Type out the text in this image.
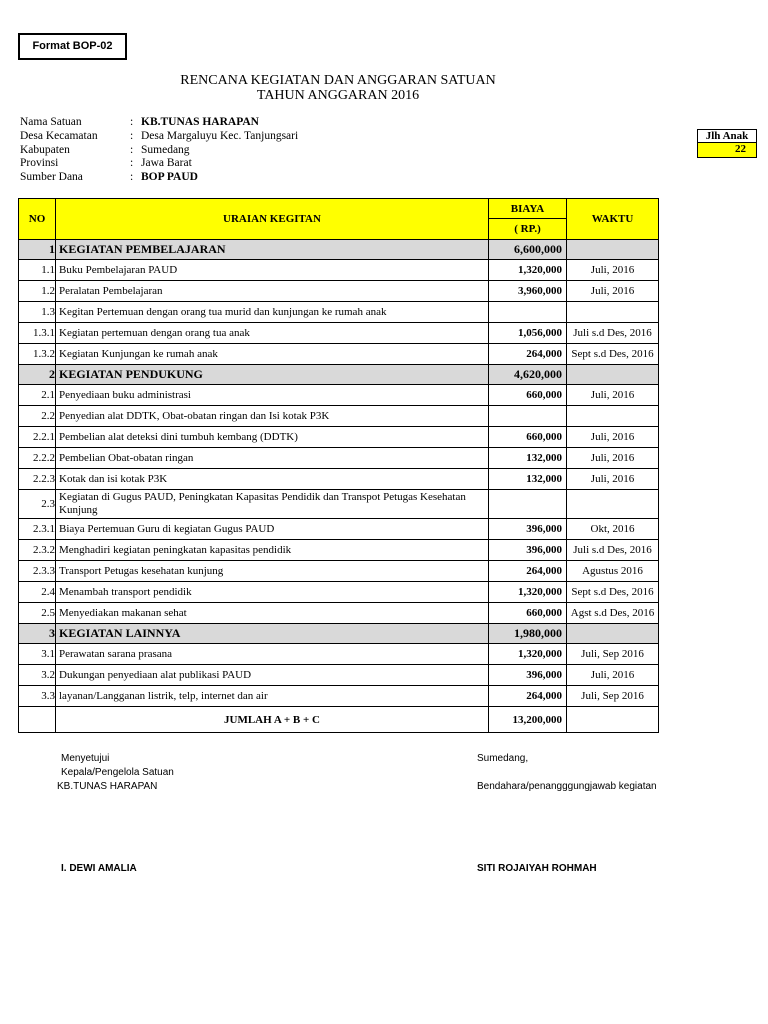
Format BOP-02
RENCANA KEGIATAN DAN ANGGARAN SATUAN
TAHUN ANGGARAN 2016
Nama Satuan	: KB.TUNAS HARAPAN
Desa Kecamatan	: Desa Margaluyu Kec. Tanjungsari
Kabupaten	: Sumedang
Provinsi	: Jawa Barat
Sumber Dana	: BOP PAUD
Jlh Anak
22
NO	URAIAN KEGITAN	BIAYA	WAKTU
		( RP.)	
1	KEGIATAN PEMBELAJARAN	6,600,000	
1.1	Buku Pembelajaran PAUD	1,320,000	Juli, 2016
1.2	Peralatan Pembelajaran	3,960,000	Juli, 2016
1.3	Kegitan Pertemuan dengan orang tua murid dan kunjungan ke rumah anak		
1.3.1	Kegiatan pertemuan dengan orang tua anak	1,056,000	Juli s.d Des, 2016
1.3.2	Kegiatan Kunjungan ke rumah anak	264,000	Sept s.d Des, 2016
2	KEGIATAN PENDUKUNG	4,620,000	
2.1	Penyediaan buku administrasi	660,000	Juli, 2016
2.2	Penyedian alat DDTK, Obat-obatan ringan dan Isi kotak P3K		
2.2.1	Pembelian alat deteksi dini tumbuh kembang (DDTK)	660,000	Juli, 2016
2.2.2	Pembelian Obat-obatan ringan	132,000	Juli, 2016
2.2.3	Kotak dan isi kotak P3K	132,000	Juli, 2016
2.3	Kegiatan di Gugus PAUD, Peningkatan Kapasitas Pendidik dan Transpot Petugas Kesehatan Kunjung		
2.3.1	Biaya Pertemuan Guru di kegiatan Gugus PAUD	396,000	Okt, 2016
2.3.2	Menghadiri kegiatan peningkatan kapasitas pendidik	396,000	Juli s.d Des, 2016
2.3.3	Transport Petugas kesehatan kunjung	264,000	Agustus 2016
2.4	Menambah transport pendidik	1,320,000	Sept s.d Des, 2016
2.5	Menyediakan makanan sehat	660,000	Agst s.d Des, 2016
3	KEGIATAN LAINNYA	1,980,000	
3.1	Perawatan sarana prasana	1,320,000	Juli, Sep 2016
3.2	Dukungan penyediaan alat publikasi PAUD	396,000	Juli, 2016
3.3	layanan/Langganan listrik, telp, internet dan air	264,000	Juli, Sep 2016
	JUMLAH A + B + C	13,200,000	
Menyetujui
Kepala/Pengelola Satuan
KB.TUNAS HARAPAN
I. DEWI AMALIA
Sumedang,
Bendahara/penangggungjawab kegiatan
SITI ROJAIYAH ROHMAH
